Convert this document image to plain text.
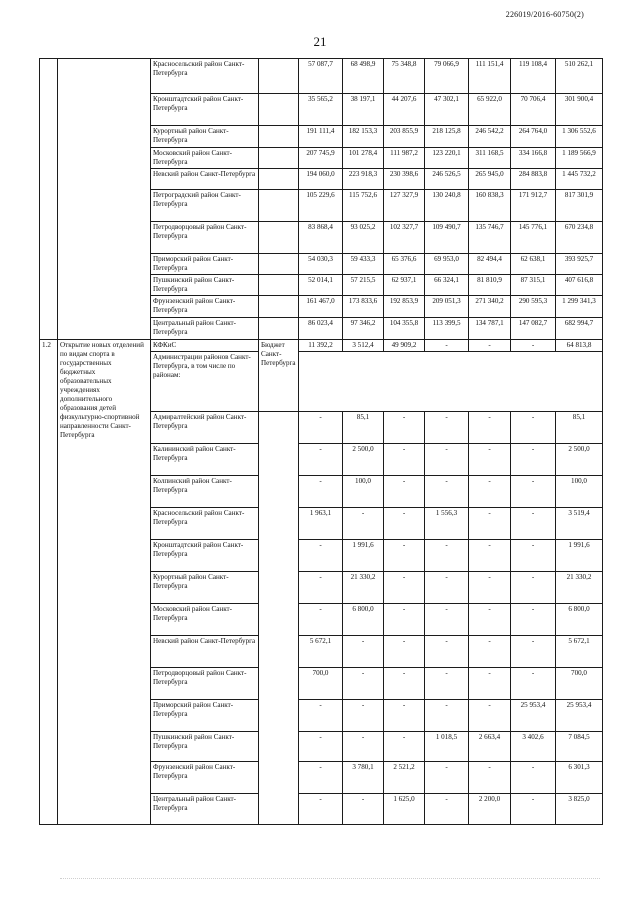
226019/2016-60750(2)
21
		Красносельский район Санкт-Петербурга		57 087,7	68 498,9	75 348,8	79 066,9	111 151,4	119 108,4	510 262,1
		Кронштадтский район Санкт-Петербурга		35 565,2	38 197,1	44 207,6	47 302,1	65 922,0	70 706,4	301 900,4
		Курортный район Санкт-Петербурга		191 111,4	182 153,3	203 855,9	218 125,8	246 542,2	264 764,0	1 306 552,6
		Московский район Санкт-Петербурга		207 745,9	101 278,4	111 987,2	123 220,1	311 168,5	334 166,8	1 189 566,9
		Невский район Санкт-Петербурга		194 060,0	223 918,3	230 398,6	246 526,5	265 945,0	284 883,8	1 445 732,2
		Петроградский район Санкт-Петербурга		105 229,6	115 752,6	127 327,9	130 240,8	160 838,3	171 912,7	817 301,9
		Петродворцовый район Санкт-Петербурга		83 868,4	93 025,2	102 327,7	109 490,7	135 746,7	145 776,1	670 234,8
		Приморский район Санкт-Петербурга		54 030,3	59 433,3	65 376,6	69 953,0	82 494,4	62 638,1	393 925,7
		Пушкинский район Санкт-Петербурга		52 014,1	57 215,5	62 937,1	66 324,1	81 810,9	87 315,1	407 616,8
		Фрунзенский район Санкт-Петербурга		161 467,0	173 833,6	192 853,9	209 051,3	271 340,2	290 595,3	1 299 341,3
		Центральный район Санкт-Петербурга		86 023,4	97 346,2	104 355,8	113 399,5	134 787,1	147 082,7	682 994,7
1.2	Открытие новых отделений по видам спорта в государственных бюджетных образовательных учреждениях дополнительного образования детей физкультурно-спортивной направленности Санкт-Петербурга	КФКиС	Бюджет Санкт-Петербурга	11 392,2	3 512,4	49 909,2	-	-	-	64 813,8
		Администрации районов Санкт-Петербурга, в том числе по районам:								
		Адмиралтейский район Санкт-Петербурга		-	85,1	-	-	-	-	85,1
		Калининский район Санкт-Петербурга		-	2 500,0	-	-	-	-	2 500,0
		Колпинский район Санкт-Петербурга		-	100,0	-	-	-	-	100,0
		Красносельский район Санкт-Петербурга		1 963,1	-	-	1 556,3	-	-	3 519,4
		Кронштадтский район Санкт-Петербурга		-	1 991,6	-	-	-	-	1 991,6
		Курортный район Санкт-Петербурга		-	21 330,2	-	-	-	-	21 330,2
		Московский район Санкт-Петербурга		-	6 800,0	-	-	-	-	6 800,0
		Невский район Санкт-Петербурга		5 672,1	-	-	-	-	-	5 672,1
		Петродворцовый район Санкт-Петербурга		700,0	-	-	-	-	-	700,0
		Приморский район Санкт-Петербурга		-	-	-	-	-	25 953,4	25 953,4
		Пушкинский район Санкт-Петербурга		-	-	-	1 018,5	2 663,4	3 402,6	7 084,5
		Фрунзенский район Санкт-Петербурга		-	3 780,1	2 521,2	-	-	-	6 301,3
		Центральный район Санкт-Петербурга		-	-	1 625,0	-	2 200,0	-	3 825,0
